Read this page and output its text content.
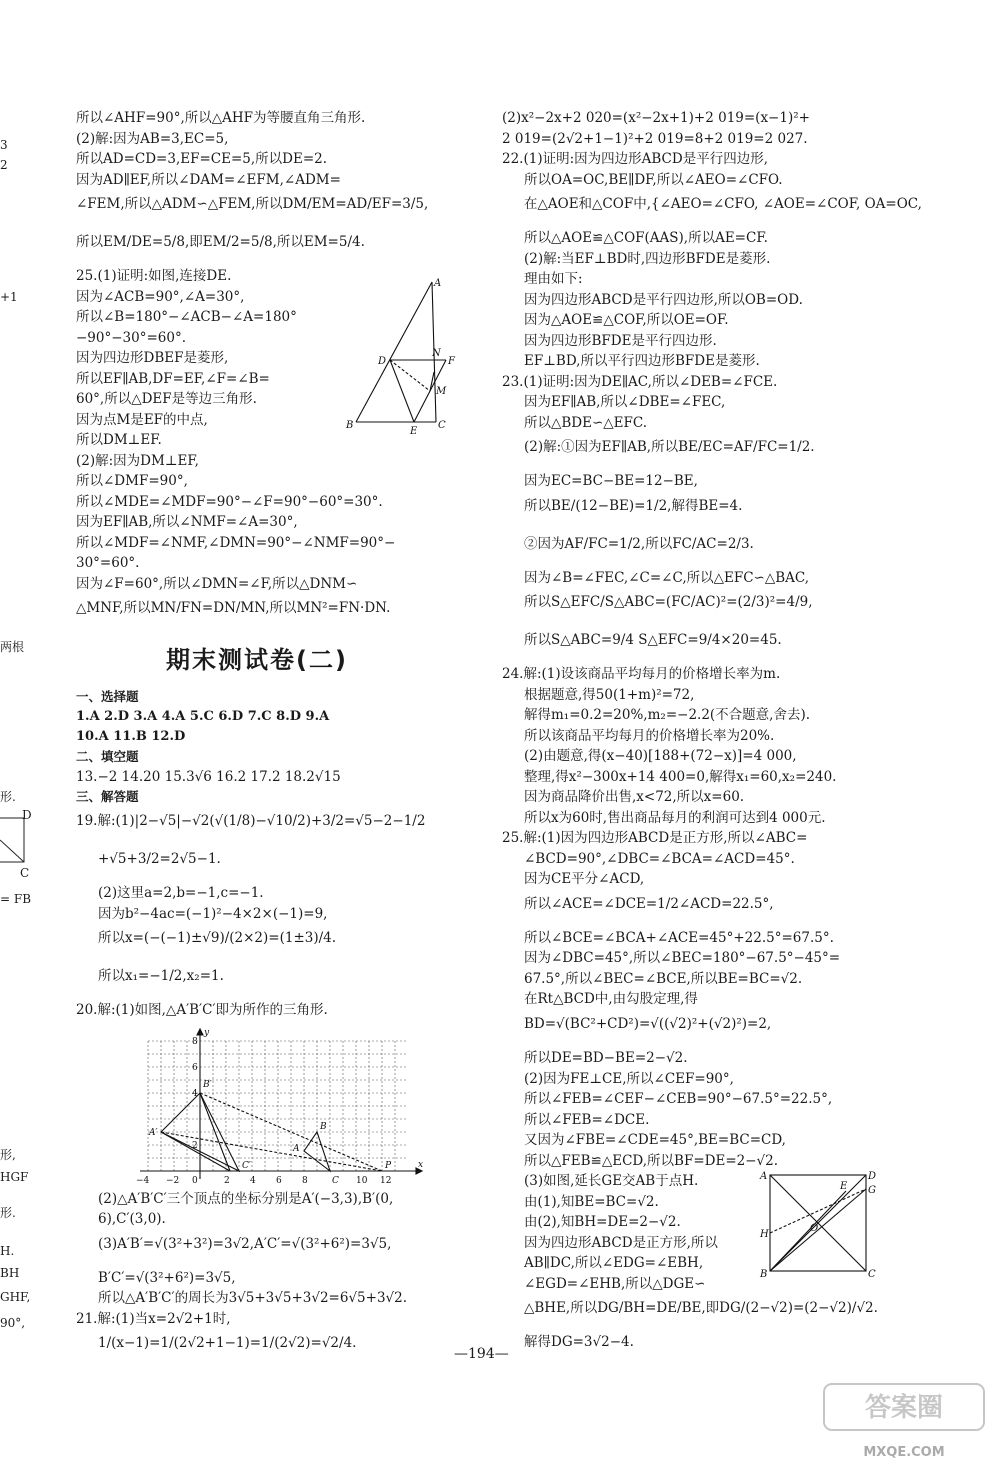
3
2
+1
两根
形.
D
C
= FB
形,
HGF
形.
H.
BH
GHF,
90°,
所以∠AHF=90°,所以△AHF为等腰直角三角形.
(2)解:因为AB=3,EC=5,
所以AD=CD=3,EF=CE=5,所以DE=2.
因为AD∥EF,所以∠DAM=∠EFM,∠ADM=
∠FEM,所以△ADM∽△FEM,所以DM/EM=AD/EF=3/5,
所以EM/DE=5/8,即EM/2=5/8,所以EM=5/4.
25.(1)证明:如图,连接DE.
因为∠ACB=90°,∠A=30°,
所以∠B=180°−∠ACB−∠A=180°
−90°−30°=60°.
因为四边形DBEF是菱形,
所以EF∥AB,DF=EF,∠F=∠B=
60°,所以△DEF是等边三角形.
因为点M是EF的中点,
所以DM⊥EF.
(2)解:因为DM⊥EF,
所以∠DMF=90°,
所以∠MDE=∠MDF=90°−∠F=90°−60°=30°.
因为EF∥AB,所以∠NMF=∠A=30°,
所以∠MDF=∠NMF,∠DMN=90°−∠NMF=90°−
30°=60°.
因为∠F=60°,所以∠DMN=∠F,所以△DNM∽
△MNF,所以MN/FN=DN/MN,所以MN²=FN·DN.
A
D
N
F
M
B
E
C
期末测试卷(二)
一、选择题
1.A 2.D 3.A 4.A 5.C 6.D 7.C 8.D 9.A
10.A 11.B 12.D
二、填空题
13.−2 14.20 15.3√6 16.2 17.2 18.2√15
三、解答题
19.解:(1)|2−√5|−√2(√(1/8)−√10/2)+3/2=√5−2−1/2
+√5+3/2=2√5−1.
(2)这里a=2,b=−1,c=−1.
因为b²−4ac=(−1)²−4×2×(−1)=9,
所以x=(−(−1)±√9)/(2×2)=(1±3)/4.
所以x₁=−1/2,x₂=1.
20.解:(1)如图,△A′B′C′即为所作的三角形.
0
−4 −2	2 4 6 8	10 12
8
6
4
2
y
x
B′
A′
A
B
C′
C
P
(2)△A′B′C′三个顶点的坐标分别是A′(−3,3),B′(0,
6),C′(3,0).
(3)A′B′=√(3²+3²)=3√2,A′C′=√(3²+6²)=3√5,
B′C′=√(3²+6²)=3√5,
所以△A′B′C′的周长为3√5+3√5+3√2=6√5+3√2.
21.解:(1)当x=2√2+1时,
1/(x−1)=1/(2√2+1−1)=1/(2√2)=√2/4.
(2)x²−2x+2 020=(x²−2x+1)+2 019=(x−1)²+
2 019=(2√2+1−1)²+2 019=8+2 019=2 027.
22.(1)证明:因为四边形ABCD是平行四边形,
所以OA=OC,BE∥DF,所以∠AEO=∠CFO.
在△AOE和△COF中,{∠AEO=∠CFO, ∠AOE=∠COF, OA=OC,
所以△AOE≌△COF(AAS),所以AE=CF.
(2)解:当EF⊥BD时,四边形BFDE是菱形.
理由如下:
因为四边形ABCD是平行四边形,所以OB=OD.
因为△AOE≌△COF,所以OE=OF.
因为四边形BFDE是平行四边形.
EF⊥BD,所以平行四边形BFDE是菱形.
23.(1)证明:因为DE∥AC,所以∠DEB=∠FCE.
因为EF∥AB,所以∠DBE=∠FEC,
所以△BDE∽△EFC.
(2)解:①因为EF∥AB,所以BE/EC=AF/FC=1/2.
因为EC=BC−BE=12−BE,
所以BE/(12−BE)=1/2,解得BE=4.
②因为AF/FC=1/2,所以FC/AC=2/3.
因为∠B=∠FEC,∠C=∠C,所以△EFC∽△BAC,
所以S△EFC/S△ABC=(FC/AC)²=(2/3)²=4/9,
所以S△ABC=9/4 S△EFC=9/4×20=45.
24.解:(1)设该商品平均每月的价格增长率为m.
根据题意,得50(1+m)²=72,
解得m₁=0.2=20%,m₂=−2.2(不合题意,舍去).
所以该商品平均每月的价格增长率为20%.
(2)由题意,得(x−40)[188+(72−x)]=4 000,
整理,得x²−300x+14 400=0,解得x₁=60,x₂=240.
因为商品降价出售,x<72,所以x=60.
所以x为60时,售出商品每月的利润可达到4 000元.
25.解:(1)因为四边形ABCD是正方形,所以∠ABC=
∠BCD=90°,∠DBC=∠BCA=∠ACD=45°.
因为CE平分∠ACD,
所以∠ACE=∠DCE=1/2∠ACD=22.5°,
所以∠BCE=∠BCA+∠ACE=45°+22.5°=67.5°.
因为∠DBC=45°,所以∠BEC=180°−67.5°−45°=
67.5°,所以∠BEC=∠BCE,所以BE=BC=√2.
在Rt△BCD中,由勾股定理,得
BD=√(BC²+CD²)=√((√2)²+(√2)²)=2,
所以DE=BD−BE=2−√2.
(2)因为FE⊥CE,所以∠CEF=90°,
所以∠FEB=∠CEF−∠CEB=90°−67.5°=22.5°,
所以∠FEB=∠DCE.
又因为∠FBE=∠CDE=45°,BE=BC=CD,
所以△FEB≌△ECD,所以BF=DE=2−√2.
(3)如图,延长GE交AB于点H.
由(1),知BE=BC=√2.
由(2),知BH=DE=2−√2.
因为四边形ABCD是正方形,所以
AB∥DC,所以∠EDG=∠EBH,
∠EGD=∠EHB,所以△DGE∽
△BHE,所以DG/BH=DE/BE,即DG/(2−√2)=(2−√2)/√2.
解得DG=3√2−4.
A	D
G
E
H
O
B	C
—194—
答案圈
MXQE.COM
